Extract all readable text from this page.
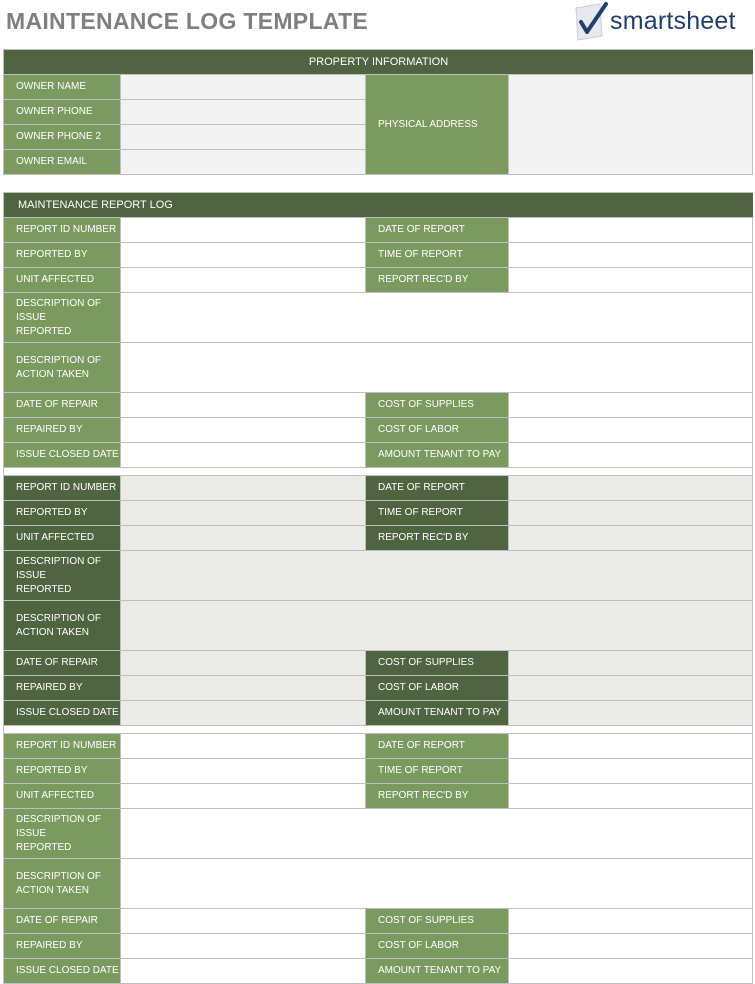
MAINTENANCE LOG TEMPLATE	smartsheet
PROPERTY INFORMATION
OWNER NAME
OWNER PHONE
OWNER PHONE 2
OWNER EMAIL
PHYSICAL ADDRESS
MAINTENANCE REPORT LOG
REPORT ID NUMBER	DATE OF REPORT
REPORTED BY	TIME OF REPORT
UNIT AFFECTED	REPORT REC'D BY
DESCRIPTION OF ISSUE REPORTED
DESCRIPTION OF ACTION TAKEN
DATE OF REPAIR	COST OF SUPPLIES
REPAIRED BY	COST OF LABOR
ISSUE CLOSED DATE	AMOUNT TENANT TO PAY
REPORT ID NUMBER	DATE OF REPORT
REPORTED BY	TIME OF REPORT
UNIT AFFECTED	REPORT REC'D BY
DESCRIPTION OF ISSUE REPORTED
DESCRIPTION OF ACTION TAKEN
DATE OF REPAIR	COST OF SUPPLIES
REPAIRED BY	COST OF LABOR
ISSUE CLOSED DATE	AMOUNT TENANT TO PAY
REPORT ID NUMBER	DATE OF REPORT
REPORTED BY	TIME OF REPORT
UNIT AFFECTED	REPORT REC'D BY
DESCRIPTION OF ISSUE REPORTED
DESCRIPTION OF ACTION TAKEN
DATE OF REPAIR	COST OF SUPPLIES
REPAIRED BY	COST OF LABOR
ISSUE CLOSED DATE	AMOUNT TENANT TO PAY
